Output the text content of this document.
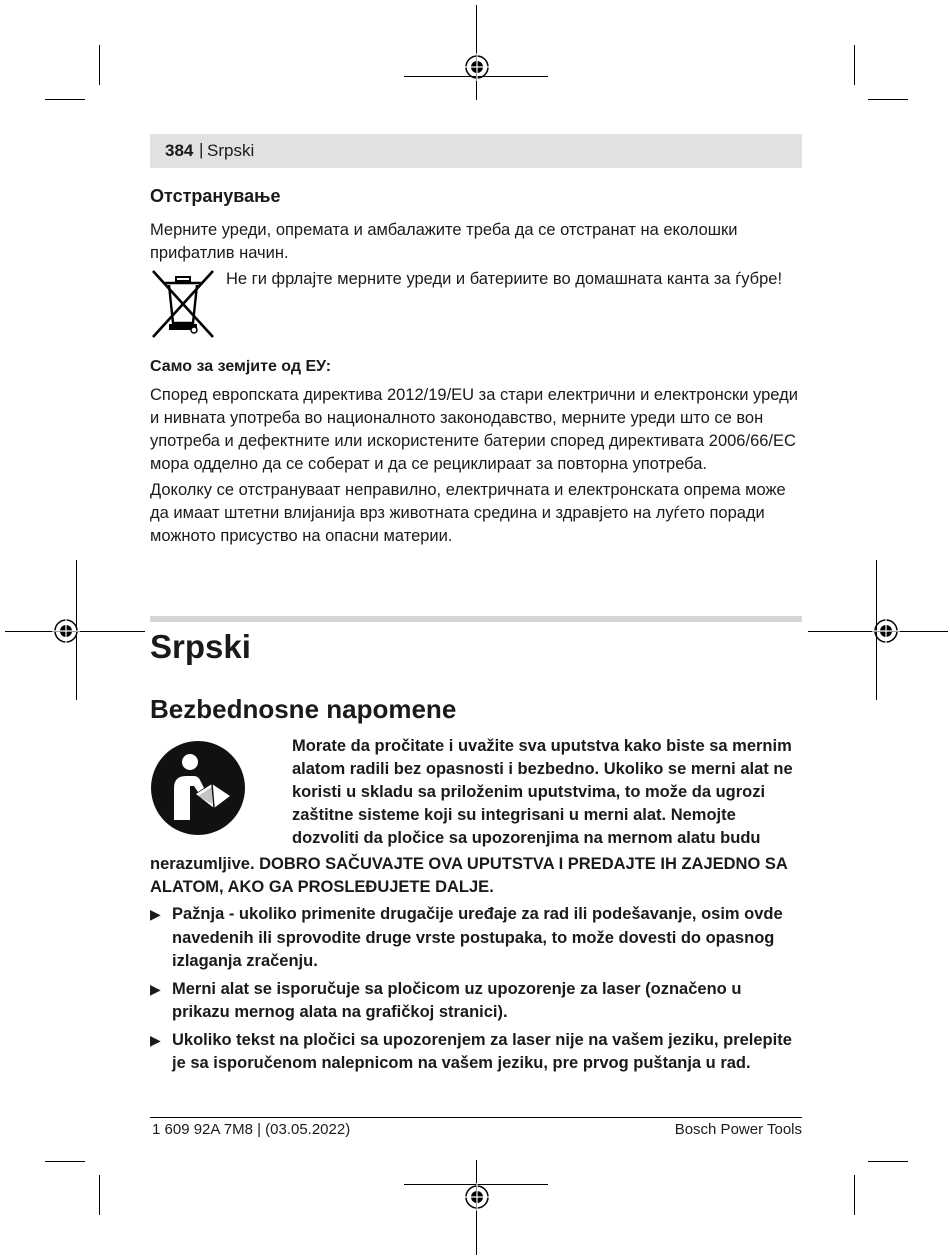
384 | Srpski

Отстранување

Мерните уреди, опремата и амбалажите треба да се отстранат на еколошки прифатлив начин.

Не ги фрлајте мерните уреди и батериите во домашната канта за ѓубре!

Само за земјите од ЕУ:

Според европската директива 2012/19/EU за стари електрични и електронски уреди и нивната употреба во националното законодавство, мерните уреди што се вон употреба и дефектните или искористените батерии според директивата 2006/66/ЕС мора одделно да се соберат и да се рециклираат за повторна употреба.

Доколку се отстрануваат неправилно, електричната и електронската опрема може да имаат штетни влијанија врз животната средина и здравјето на луѓето поради можното присуство на опасни материи.

Srpski
Bezbednosne napomene

Morate da pročitate i uvažite sva uputstva kako biste sa mernim

alatom radili bez opasnosti i bezbedno. Ukoliko se merni alat ne

koristi u skladu sa priloženim uputstvima, to može da ugrozi

zaštitne sisteme koji su integrisani u merni alat. Nemojte

dozvoliti da pločice sa upozorenjima na mernom alatu budu

nerazumljive. DOBRO SAČUVAJTE OVA UPUTSTVA I PREDAJTE IH ZAJEDNO SA ALATOM, AKO GA PROSLEĐUJETE DALJE.

▶ Pažnja - ukoliko primenite drugačije uređaje za rad ili podešavanje, osim ovde navedenih ili sprovodite druge vrste postupaka, to može dovesti do opasnog izlaganja zračenju.
▶ Merni alat se isporučuje sa pločicom uz upozorenje za laser (označeno u prikazu mernog alata na grafičkoj stranici).
▶ Ukoliko tekst na pločici sa upozorenjem za laser nije na vašem jeziku, prelepite je sa isporučenom nalepnicom na vašem jeziku, pre prvog puštanja u rad.
1 609 92A 7M8 | (03.05.2022)	Bosch Power Tools
